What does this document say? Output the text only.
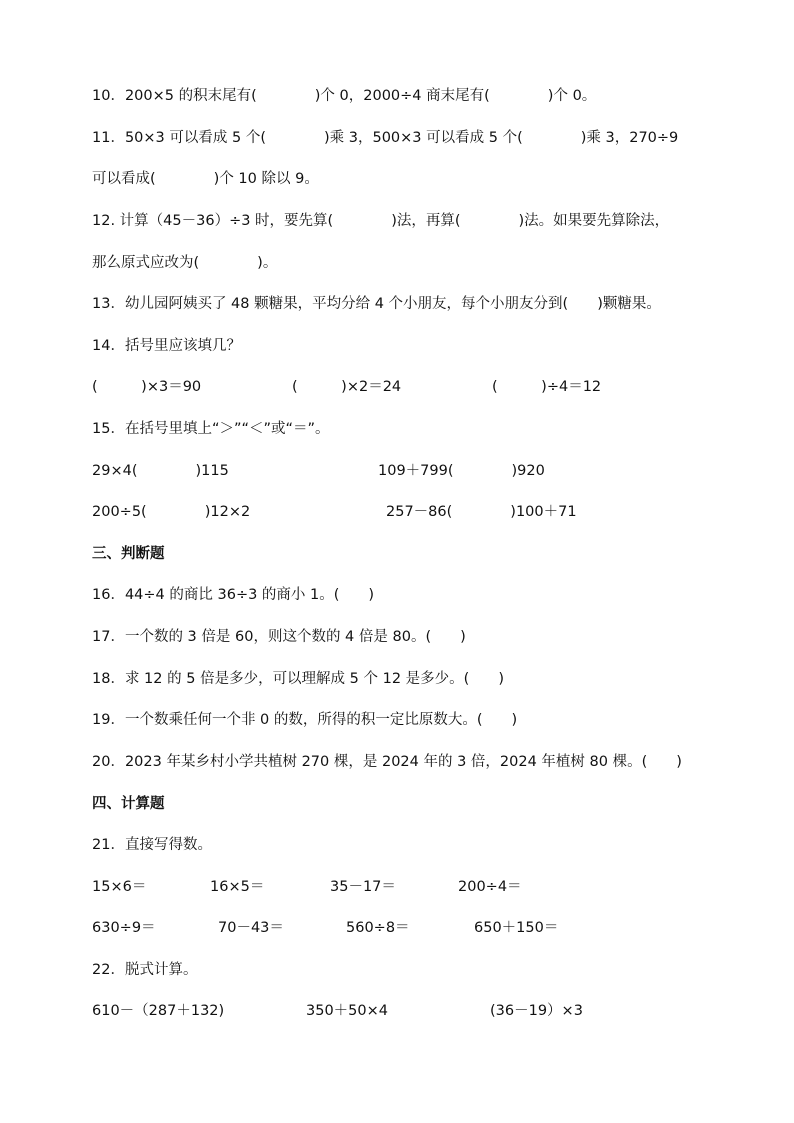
10．200×5 的积末尾有(　　　　)个 0，2000÷4 商末尾有(　　　　)个 0。
11．50×3 可以看成 5 个(　　　　)乘 3，500×3 可以看成 5 个(　　　　)乘 3，270÷9
可以看成(　　　　)个 10 除以 9。
12. 计算（45－36）÷3 时，要先算(　　　　)法，再算(　　　　)法。如果要先算除法，
那么原式应改为(　　　　)。
13．幼儿园阿姨买了 48 颗糖果，平均分给 4 个小朋友，每个小朋友分到(　　)颗糖果。
14．括号里应该填几？
(　　　)×3＝90	(　　　)×2＝24	(　　　)÷4＝12
15．在括号里填上“＞”“＜”或“＝”。
29×4(　　　　)115	109＋799(　　　　)920
200÷5(　　　　)12×2	257－86(　　　　)100＋71
三、判断题
16．44÷4 的商比 36÷3 的商小 1。(　　)
17．一个数的 3 倍是 60，则这个数的 4 倍是 80。(　　)
18．求 12 的 5 倍是多少，可以理解成 5 个 12 是多少。(　　)
19．一个数乘任何一个非 0 的数，所得的积一定比原数大。(　　)
20．2023 年某乡村小学共植树 270 棵，是 2024 年的 3 倍，2024 年植树 80 棵。(　　)
四、计算题
21．直接写得数。
15×6＝	16×5＝	35－17＝	200÷4＝
630÷9＝	70－43＝	560÷8＝	650＋150＝
22．脱式计算。
610－（287＋132)	350＋50×4	(36－19）×3
